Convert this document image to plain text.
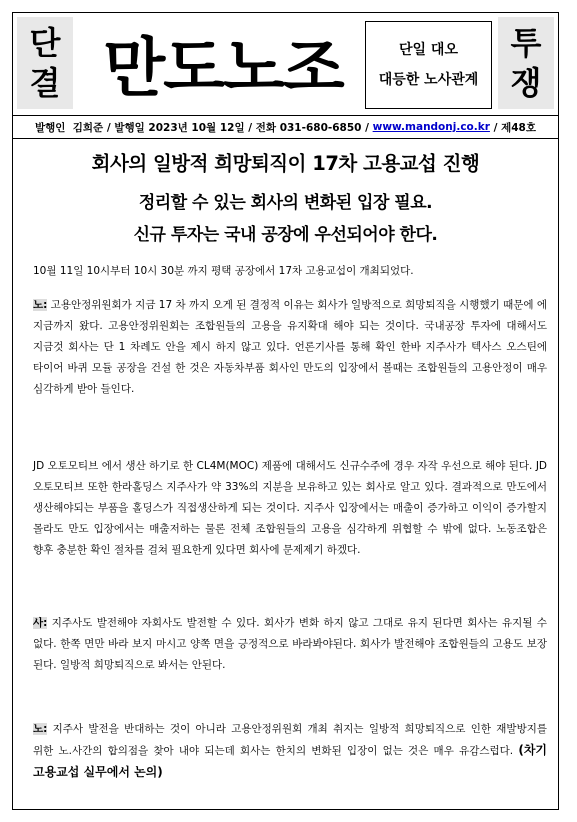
단
결 만도노조	단일 대오
대등한 노사관계
투
쟁
발행인  김희준 / 발행일 2023년 10월 12일 / 전화 031-680-6850 / www.mandonj.co.kr / 제48호
회사의 일방적 희망퇴직이 17차 고용교섭 진행
정리할 수 있는 회사의 변화된 입장 필요.
신규 투자는 국내 공장에 우선되어야 한다.
10월 11일 10시부터 10시 30분 까지 평택 공장에서 17차 고용교섭이 개최되었다.
노: 고용안정위원회가 지금 17 차 까지 오게 된 결정적 이유는 회사가 일방적으로 희망퇴직을 시행했기 때문에 에 지금까지 왔다. 고용안정위원회는 조합원들의 고용을 유지확대 해야 되는 것이다. 국내공장 투자에 대해서도 지금것 회사는 단 1 차례도 안을 제시 하지 않고 있다. 언론기사를 통해 확인 한바 지주사가 텍사스 오스틴에 타이어 바퀴 모듈 공장을 건설 한 것은 자동차부품 회사인 만도의 입장에서 볼때는 조합원들의 고용안정이 매우 심각하게 받아 들인다.
JD 오토모티브 에서 생산 하기로 한 CL4M(MOC) 제품에 대해서도 신규수주에 경우 자작 우선으로 해야 된다. JD 오토모티브 또한 한라홀딩스 지주사가 약 33%의 지분을 보유하고 있는 회사로 알고 있다. 결과적으로 만도에서 생산해야되는 부품을 홀딩스가 직접생산하게 되는 것이다. 지주사 입장에서는 매출이 증가하고 이익이 증가할지 몰라도 만도 입장에서는 매출저하는 물론 전체 조합원들의 고용을 심각하게 위협할 수 밖에 없다. 노동조합은 향후 충분한 확인 절차를 걸쳐 필요한게 있다면 회사에 문제제기 하겠다.
사: 지주사도 발전해야 자회사도 발전할 수 있다. 회사가 변화 하지 않고 그대로 유지 된다면 회사는 유지될 수 없다. 한쪽 면만 바라 보지 마시고 양쪽 면을 긍정적으로 바라봐야된다. 회사가 발전해야 조합원들의 고용도 보장 된다. 일방적 희망퇴직으로 봐서는 안된다.
노: 지주사 발전을 반대하는 것이 아니라 고용안정위원회 개최 취지는 일방적 희망퇴직으로 인한 재발방지를 위한 노.사간의 합의점을 찾아 내야 되는데 회사는 한치의 변화된 입장이 없는 것은 매우 유감스럽다. (차기 고용교섭 실무에서 논의)
